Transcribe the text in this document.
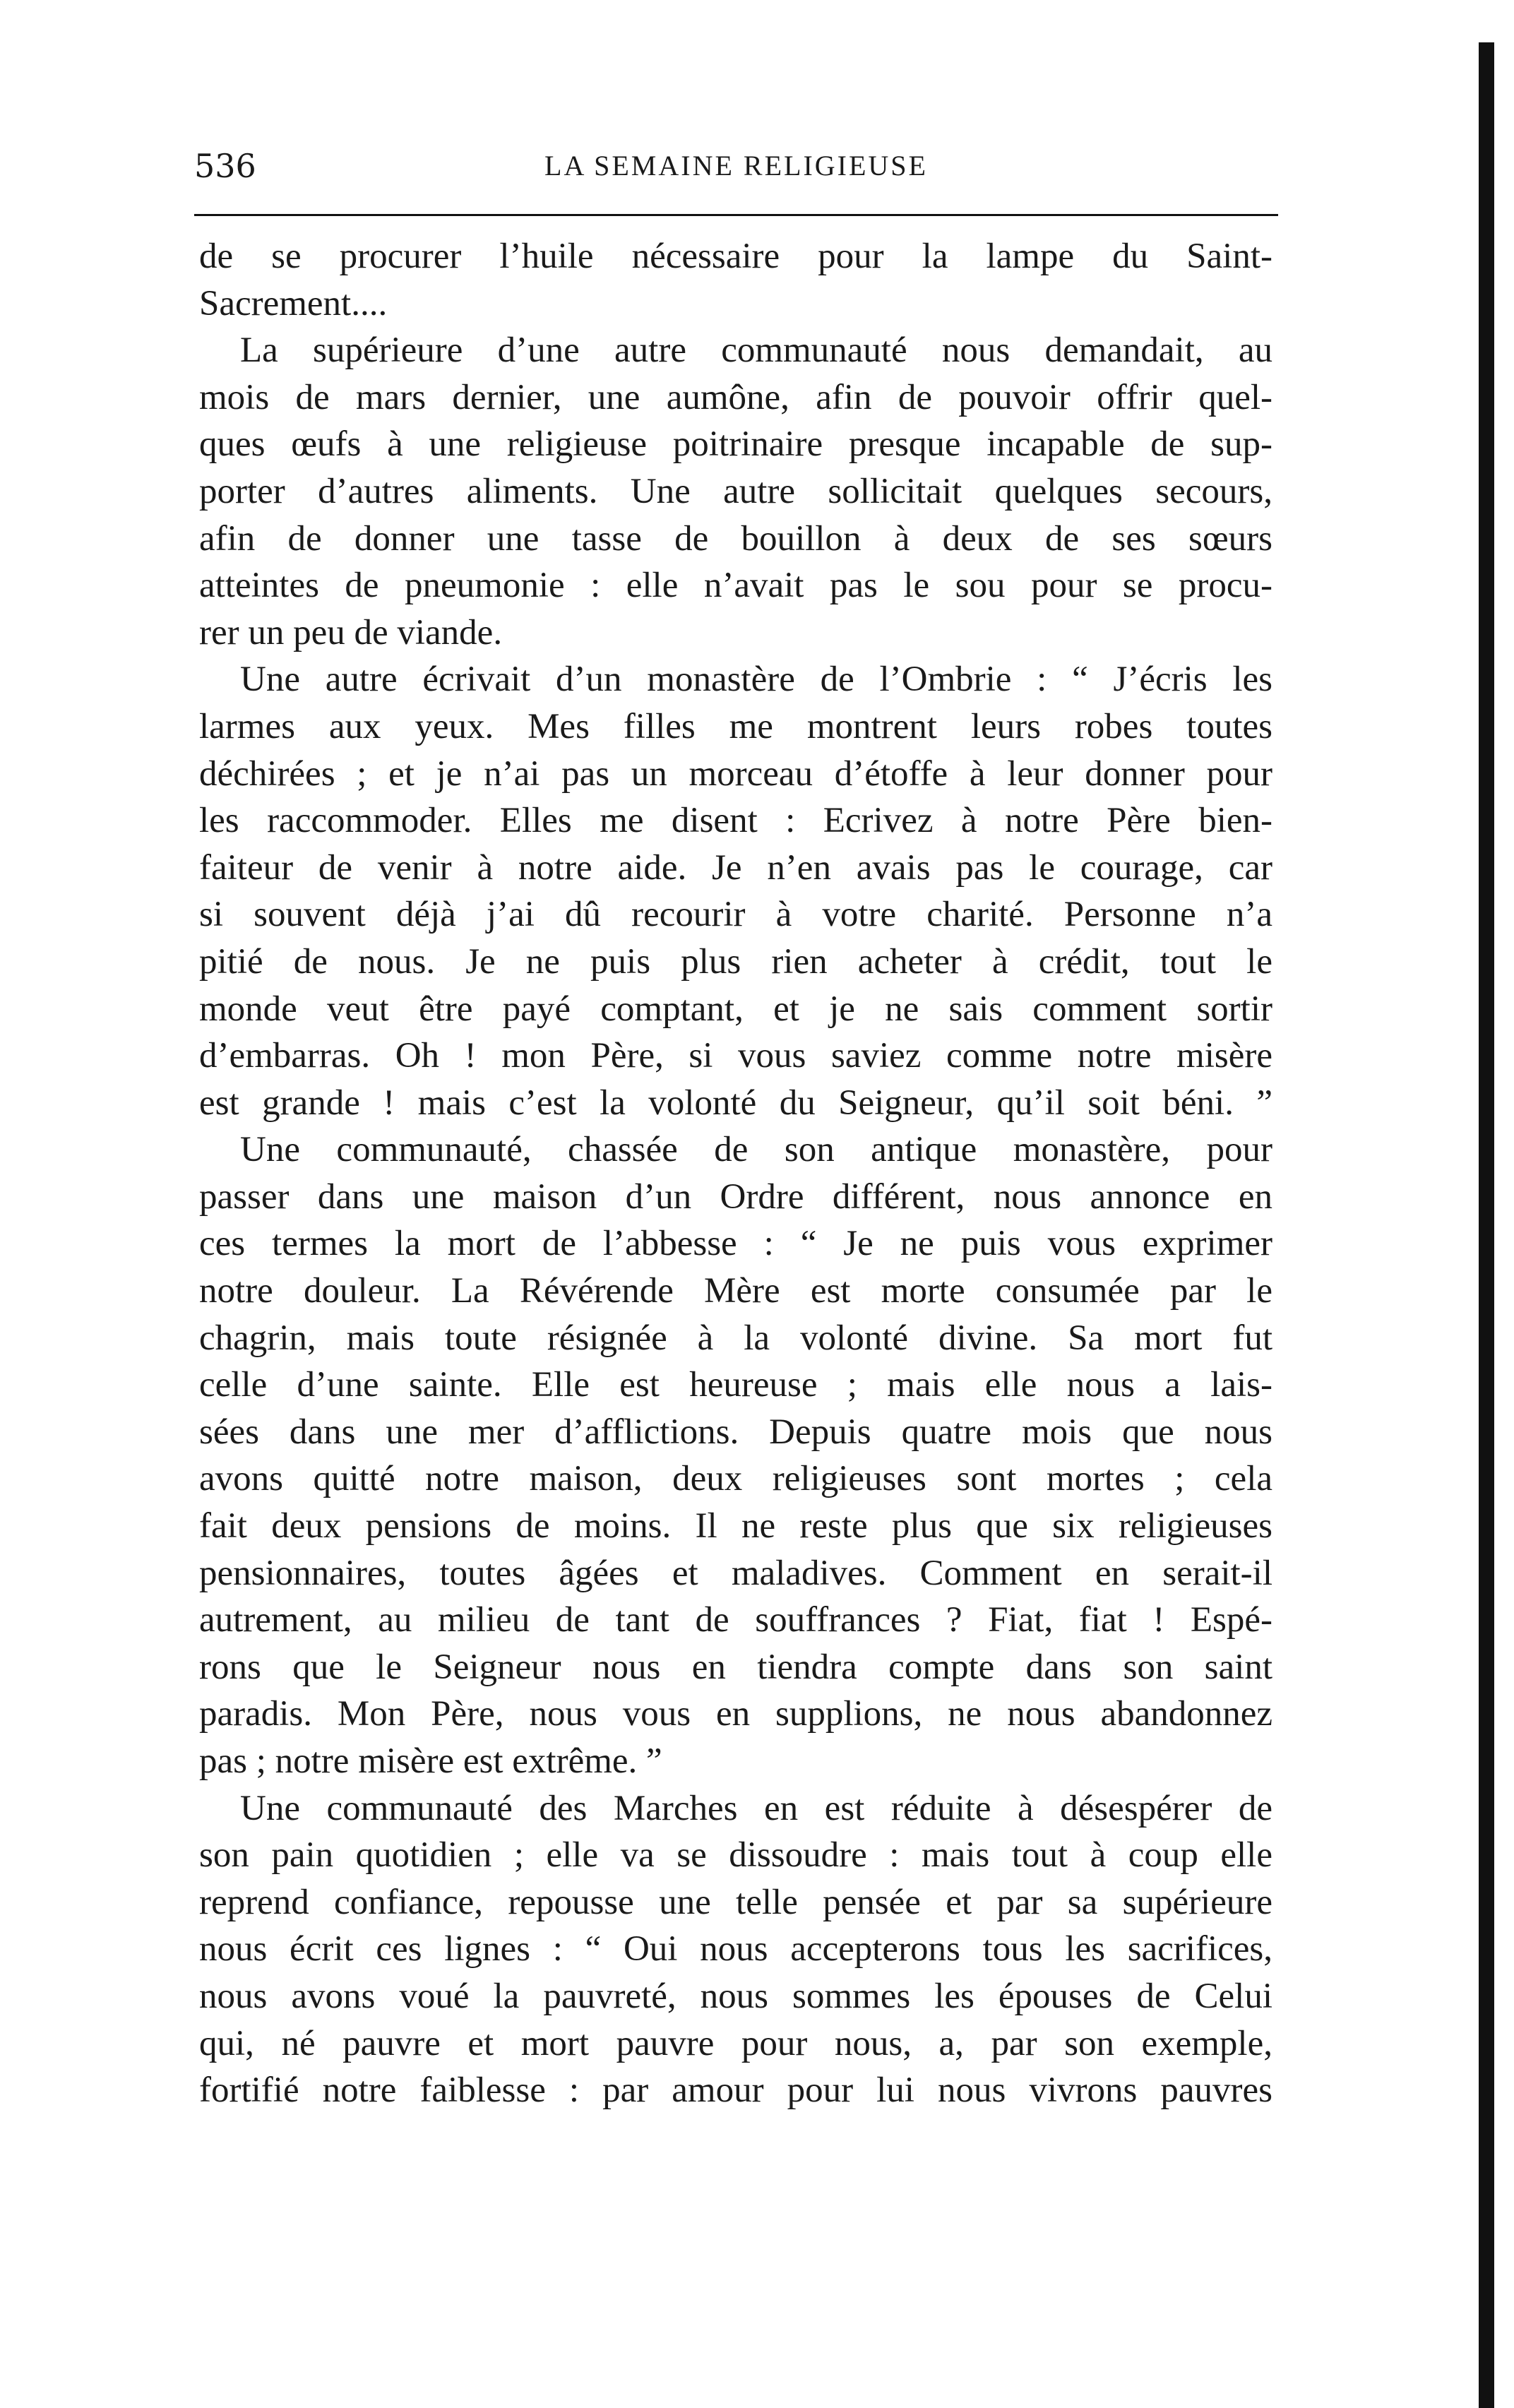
536	LA SEMAINE RELIGIEUSE
de se procurer l’huile nécessaire pour la lampe du Saint-
Sacrement....
La supérieure d’une autre communauté nous demandait, au
mois de mars dernier, une aumône, afin de pouvoir offrir quel-
ques œufs à une religieuse poitrinaire presque incapable de sup-
porter d’autres aliments. Une autre sollicitait quelques secours,
afin de donner une tasse de bouillon à deux de ses sœurs
atteintes de pneumonie : elle n’avait pas le sou pour se procu-
rer un peu de viande.
Une autre écrivait d’un monastère de l’Ombrie : “ J’écris les
larmes aux yeux. Mes filles me montrent leurs robes toutes
déchirées ; et je n’ai pas un morceau d’étoffe à leur donner pour
les raccommoder. Elles me disent : Ecrivez à notre Père bien-
faiteur de venir à notre aide. Je n’en avais pas le courage, car
si souvent déjà j’ai dû recourir à votre charité. Personne n’a
pitié de nous. Je ne puis plus rien acheter à crédit, tout le
monde veut être payé comptant, et je ne sais comment sortir
d’embarras. Oh ! mon Père, si vous saviez comme notre misère
est grande ! mais c’est la volonté du Seigneur, qu’il soit béni. ”
Une communauté, chassée de son antique monastère, pour
passer dans une maison d’un Ordre différent, nous annonce en
ces termes la mort de l’abbesse : “ Je ne puis vous exprimer
notre douleur. La Révérende Mère est morte consumée par le
chagrin, mais toute résignée à la volonté divine. Sa mort fut
celle d’une sainte. Elle est heureuse ; mais elle nous a lais-
sées dans une mer d’afflictions. Depuis quatre mois que nous
avons quitté notre maison, deux religieuses sont mortes ; cela
fait deux pensions de moins. Il ne reste plus que six religieuses
pensionnaires, toutes âgées et maladives. Comment en serait-il
autrement, au milieu de tant de souffrances ? Fiat, fiat ! Espé-
rons que le Seigneur nous en tiendra compte dans son saint
paradis. Mon Père, nous vous en supplions, ne nous abandonnez
pas ; notre misère est extrême. ”
Une communauté des Marches en est réduite à désespérer de
son pain quotidien ; elle va se dissoudre : mais tout à coup elle
reprend confiance, repousse une telle pensée et par sa supérieure
nous écrit ces lignes : “ Oui nous accepterons tous les sacrifices,
nous avons voué la pauvreté, nous sommes les épouses de Celui
qui, né pauvre et mort pauvre pour nous, a, par son exemple,
fortifié notre faiblesse : par amour pour lui nous vivrons pauvres
